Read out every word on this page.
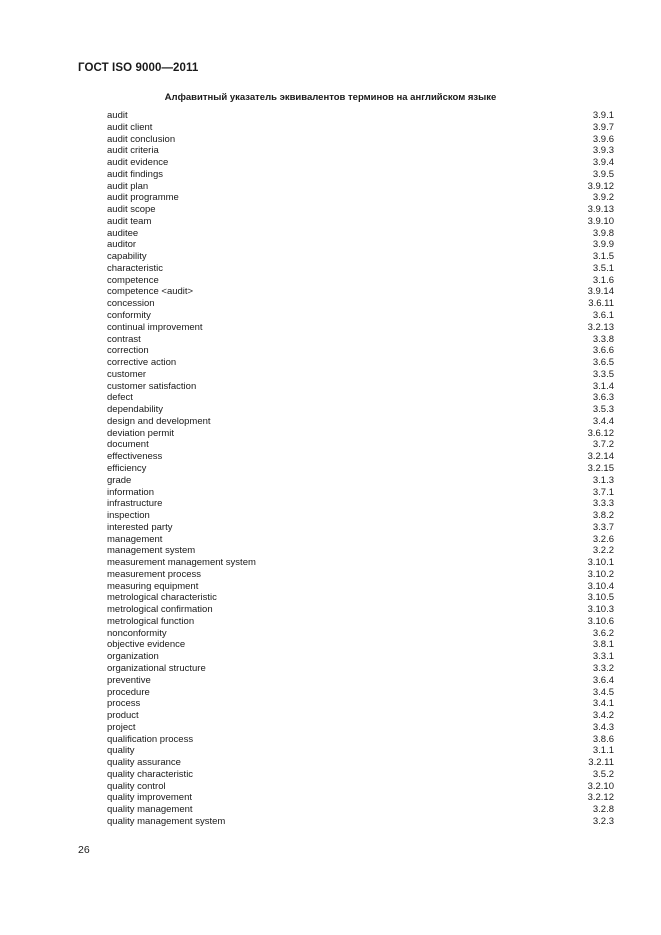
ГОСТ ISO 9000—2011
Алфавитный указатель эквивалентов терминов на английском языке
audit	3.9.1
audit client	3.9.7
audit conclusion	3.9.6
audit criteria	3.9.3
audit evidence	3.9.4
audit findings	3.9.5
audit plan	3.9.12
audit programme	3.9.2
audit scope	3.9.13
audit team	3.9.10
auditee	3.9.8
auditor	3.9.9
capability	3.1.5
characteristic	3.5.1
competence	3.1.6
competence <audit>	3.9.14
concession	3.6.11
conformity	3.6.1
continual improvement	3.2.13
contrast	3.3.8
correction	3.6.6
corrective action	3.6.5
customer	3.3.5
customer satisfaction	3.1.4
defect	3.6.3
dependability	3.5.3
design and development	3.4.4
deviation permit	3.6.12
document	3.7.2
effectiveness	3.2.14
efficiency	3.2.15
grade	3.1.3
information	3.7.1
infrastructure	3.3.3
inspection	3.8.2
interested party	3.3.7
management	3.2.6
management system	3.2.2
measurement management system	3.10.1
measurement process	3.10.2
measuring equipment	3.10.4
metrological characteristic	3.10.5
metrological confirmation	3.10.3
metrological function	3.10.6
nonconformity	3.6.2
objective evidence	3.8.1
organization	3.3.1
organizational structure	3.3.2
preventive	3.6.4
procedure	3.4.5
process	3.4.1
product	3.4.2
project	3.4.3
qualification process	3.8.6
quality	3.1.1
quality assurance	3.2.11
quality characteristic	3.5.2
quality control	3.2.10
quality improvement	3.2.12
quality management	3.2.8
quality management system	3.2.3
26
